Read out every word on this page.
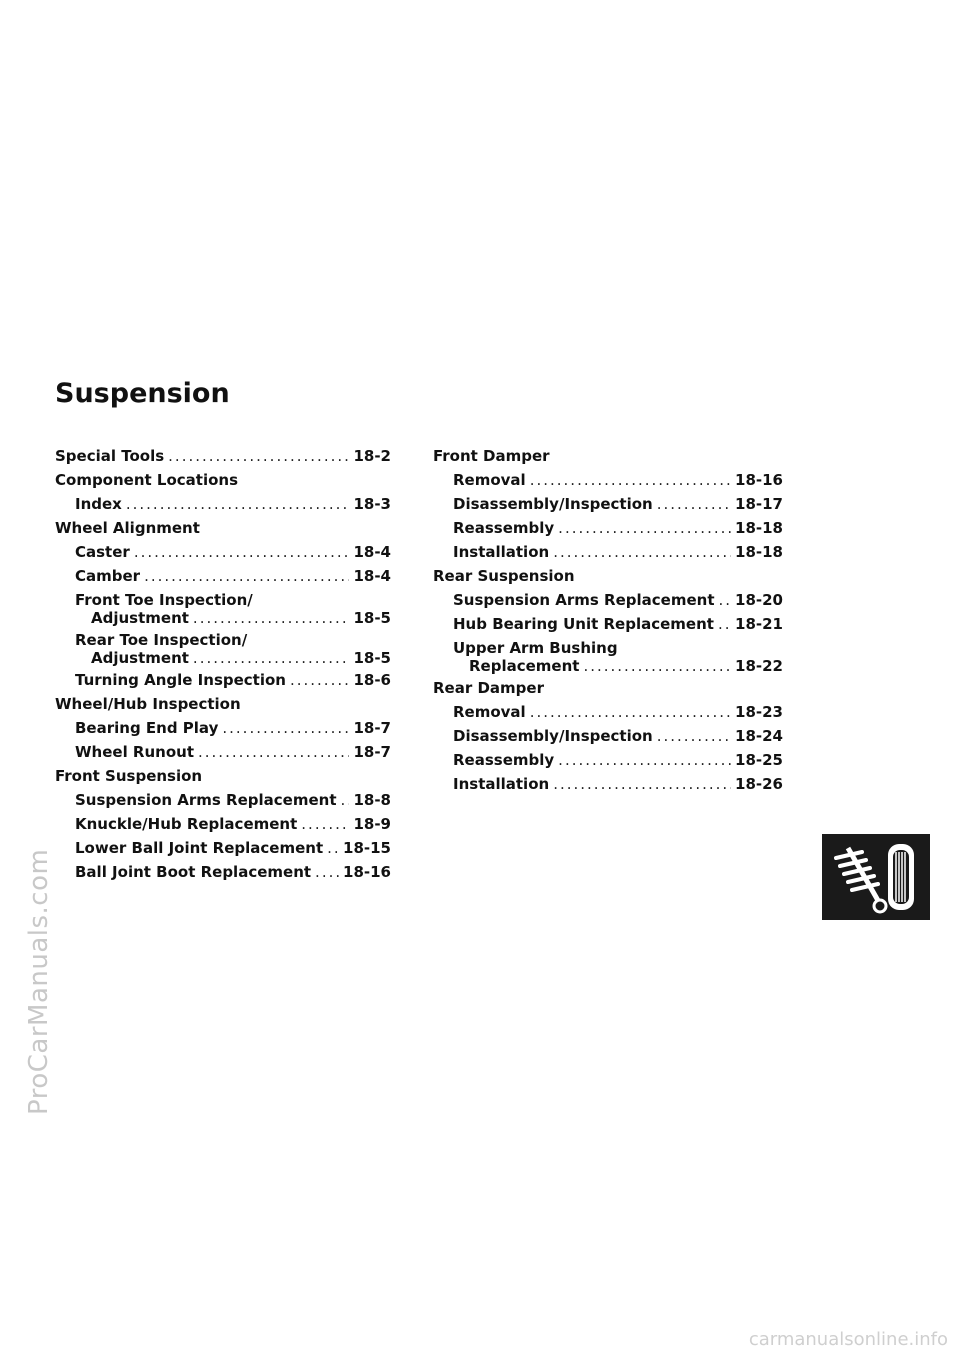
ProCarManuals.com
Suspension
Special Tools .....	18-2
Component Locations
Index .....	18-3
Wheel Alignment
Caster .....	18-4
Camber .....	18-4
Front Toe Inspection/
Adjustment .....	18-5
Rear Toe Inspection/
Adjustment .....	18-5
Turning Angle Inspection .....	18-6
Wheel/Hub Inspection
Bearing End Play .....	18-7
Wheel Runout .....	18-7
Front Suspension
Suspension Arms Replacement ..... 18-8
Knuckle/Hub Replacement .....	18-9
Lower Ball Joint Replacement ..... 18-15
Ball Joint Boot Replacement ..... 18-16
Front Damper
Removal .....	18-16
Disassembly/Inspection .....	18-17
Reassembly .....	18-18
Installation .....	18-18
Rear Suspension
Suspension Arms Replacement ..... 18-20
Hub Bearing Unit Replacement ..... 18-21
Upper Arm Bushing
Replacement .....	18-22
Rear Damper
Removal .....	18-23
Disassembly/Inspection .....	18-24
Reassembly .....	18-25
Installation .....	18-26
carmanualsonline.info
